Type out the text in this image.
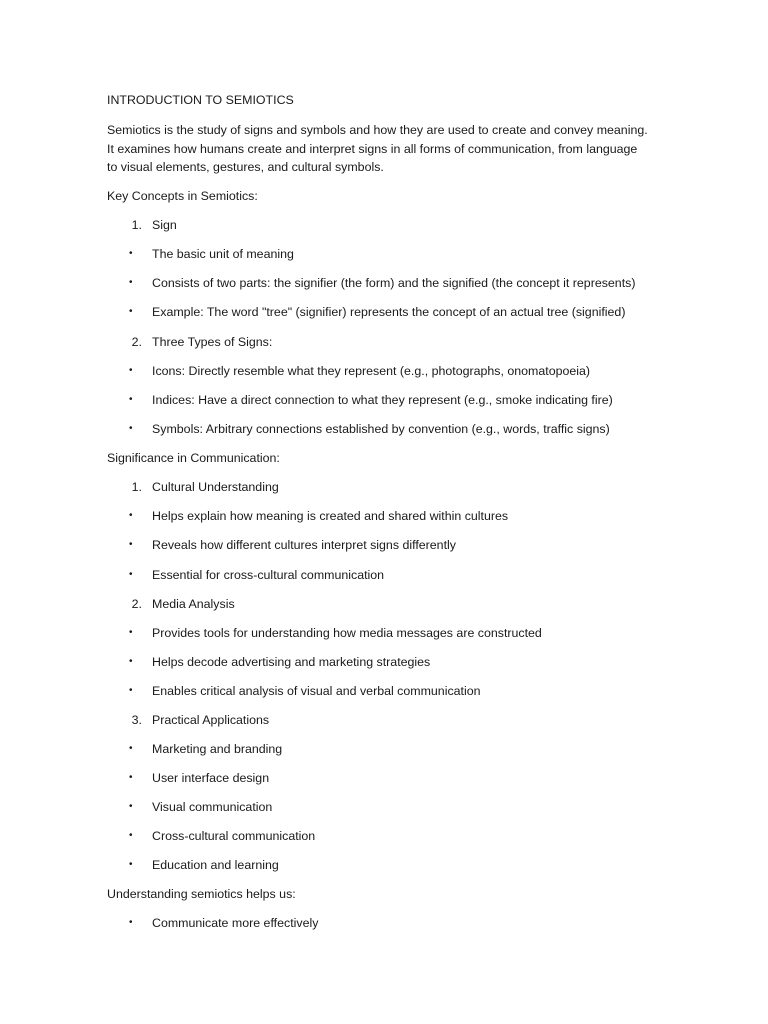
INTRODUCTION TO SEMIOTICS
Semiotics is the study of signs and symbols and how they are used to create and convey meaning.
It examines how humans create and interpret signs in all forms of communication, from language
to visual elements, gestures, and cultural symbols.
Key Concepts in Semiotics:
1. Sign
•	The basic unit of meaning
•	Consists of two parts: the signifier (the form) and the signified (the concept it represents)
•	Example: The word "tree" (signifier) represents the concept of an actual tree (signified)
2. Three Types of Signs:
•	Icons: Directly resemble what they represent (e.g., photographs, onomatopoeia)
•	Indices: Have a direct connection to what they represent (e.g., smoke indicating fire)
•	Symbols: Arbitrary connections established by convention (e.g., words, traffic signs)
Significance in Communication:
1. Cultural Understanding
•	Helps explain how meaning is created and shared within cultures
•	Reveals how different cultures interpret signs differently
•	Essential for cross-cultural communication
2. Media Analysis
•	Provides tools for understanding how media messages are constructed
•	Helps decode advertising and marketing strategies
•	Enables critical analysis of visual and verbal communication
3. Practical Applications
•	Marketing and branding
•	User interface design
•	Visual communication
•	Cross-cultural communication
•	Education and learning
Understanding semiotics helps us:
•	Communicate more effectively
